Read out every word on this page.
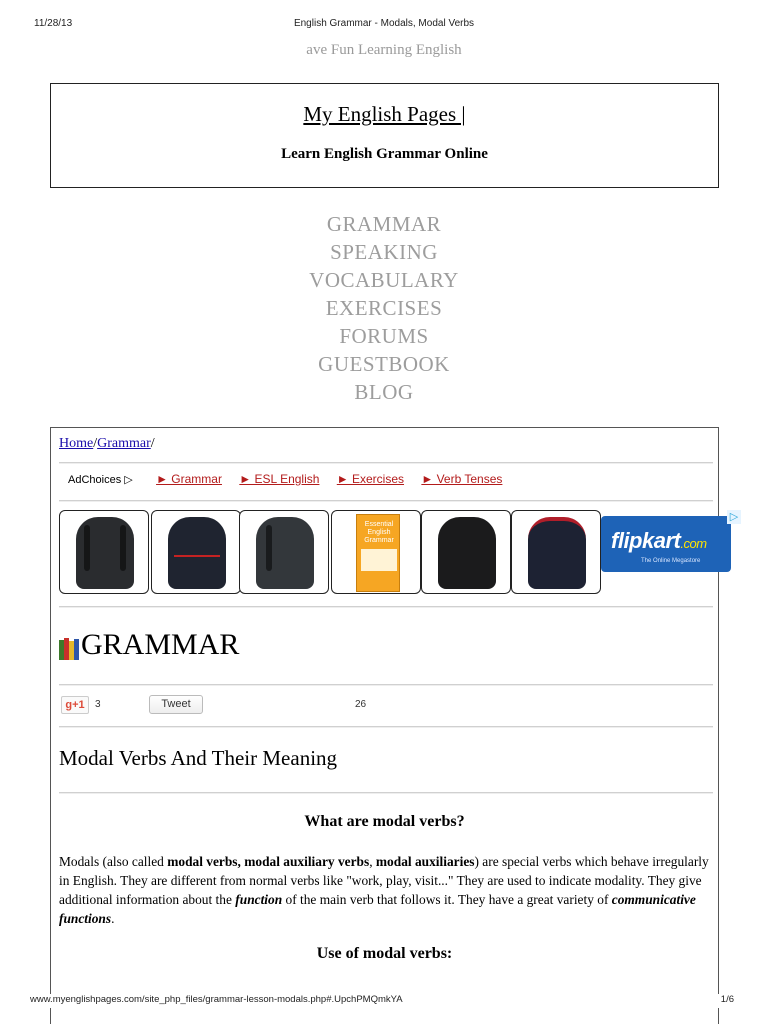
11/28/13	English Grammar - Modals, Modal Verbs
ave Fun Learning English
My English Pages |
Learn English Grammar Online
GRAMMAR
SPEAKING
VOCABULARY
EXERCISES
FORUMS
GUESTBOOK
BLOG
Home/Grammar/
AdChoices ▷ ► Grammar ► ESL English ► Exercises ► Verb Tenses
Essential English Grammar	flipkart.com
The Online Megastore
▷
GRAMMAR
g+1	3	Tweet	26
Modal Verbs And Their Meaning
What are modal verbs?

Modals (also called modal verbs, modal auxiliary verbs, modal auxiliaries) are special verbs which behave irregularly in English. They are different from normal verbs like "work, play, visit..." They are used to indicate modality. They give additional information about the function of the main verb that follows it. They have a great variety of communicative functions.

Use of modal verbs:
www.myenglishpages.com/site_php_files/grammar-lesson-modals.php#.UpchPMQmkYA	1/6
